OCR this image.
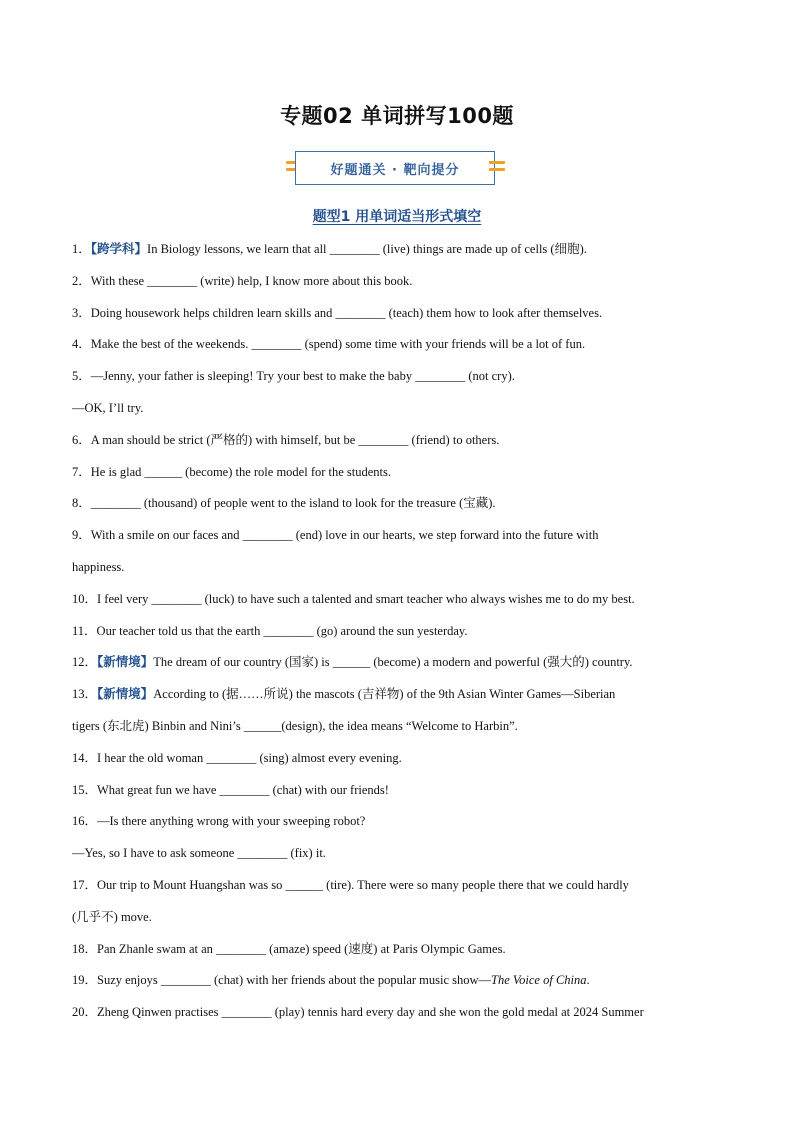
专题02 单词拼写100题
好题通关 · 靶向提分
题型1 用单词适当形式填空
1．【跨学科】In Biology lessons, we learn that all ________ (live) things are made up of cells (细胞).
2．With these ________ (write) help, I know more about this book.
3．Doing housework helps children learn skills and ________ (teach) them how to look after themselves.
4．Make the best of the weekends. ________ (spend) some time with your friends will be a lot of fun.
5．—Jenny, your father is sleeping! Try your best to make the baby ________ (not cry).
—OK, I’ll try.
6．A man should be strict (严格的) with himself, but be ________ (friend) to others.
7．He is glad ______ (become) the role model for the students.
8．________ (thousand) of people went to the island to look for the treasure (宝藏).
9．With a smile on our faces and ________ (end) love in our hearts, we step forward into the future with
happiness.
10．I feel very ________ (luck) to have such a talented and smart teacher who always wishes me to do my best.
11．Our teacher told us that the earth ________ (go) around the sun yesterday.
12．【新情境】The dream of our country (国家) is ______ (become) a modern and powerful (强大的) country.
13．【新情境】According to (据……所说) the mascots (吉祥物) of the 9th Asian Winter Games—Siberian
tigers (东北虎) Binbin and Nini’s ______(design), the idea means “Welcome to Harbin”.
14．I hear the old woman ________ (sing) almost every evening.
15．What great fun we have ________ (chat) with our friends!
16．—Is there anything wrong with your sweeping robot?
—Yes, so I have to ask someone ________ (fix) it.
17．Our trip to Mount Huangshan was so ______ (tire). There were so many people there that we could hardly
(几乎不) move.
18．Pan Zhanle swam at an ________ (amaze) speed (速度) at Paris Olympic Games.
19．Suzy enjoys ________ (chat) with her friends about the popular music show—The Voice of China.
20．Zheng Qinwen practises ________ (play) tennis hard every day and she won the gold medal at 2024 Summer
